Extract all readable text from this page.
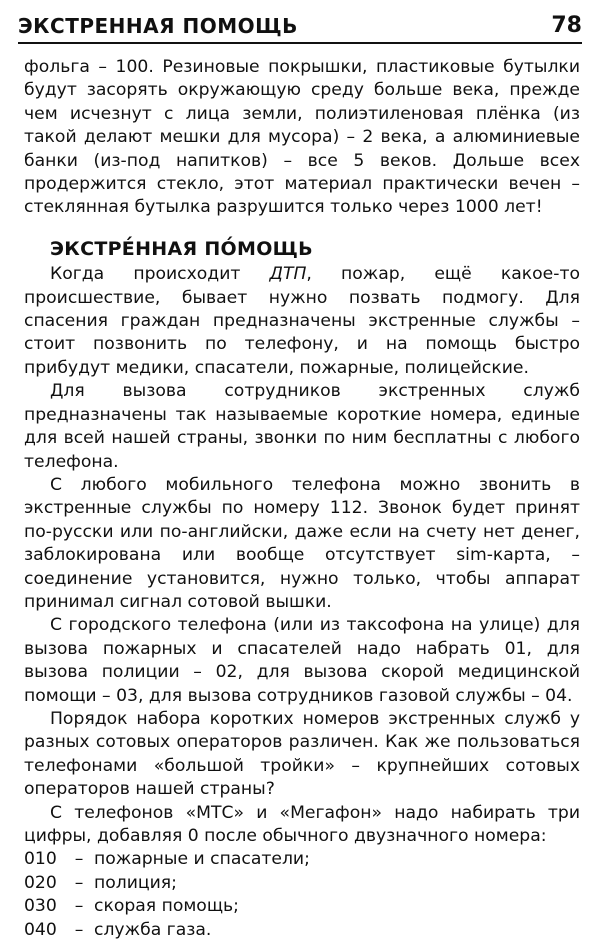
ЭКСТРЕННАЯ ПОМОЩЬ	78

фольга – 100. Резиновые покрышки, пластиковые бутылки будут засорять окружающую среду больше века, прежде чем исчезнут с лица земли, полиэтиленовая плёнка (из такой делают мешки для мусора) – 2 века, а алюминиевые банки (из-под напитков) – все 5 веков. Дольше всех продержится стекло, этот материал практически вечен – стеклянная бутылка разрушится только через 1000 лет!

ЭКСТРЕ́ННАЯ ПО́МОЩЬ

Когда происходит ДТП, пожар, ещё какое-то происшествие, бывает нужно позвать подмогу. Для спасения граждан предназначены экстренные службы – стоит позвонить по телефону, и на помощь быстро прибудут медики, спасатели, пожарные, полицейские.

Для вызова сотрудников экстренных служб предназначены так называемые короткие номера, единые для всей нашей страны, звонки по ним бесплатны с любого телефона.

С любого мобильного телефона можно звонить в экстренные службы по номеру 112. Звонок будет принят по-русски или по-английски, даже если на счету нет денег, заблокирована или вообще отсутствует sim-карта, – соединение установится, нужно только, чтобы аппарат принимал сигнал сотовой вышки.

С городского телефона (или из таксофона на улице) для вызова пожарных и спасателей надо набрать 01, для вызова полиции – 02, для вызова скорой медицинской помощи – 03, для вызова сотрудников газовой службы – 04.

Порядок набора коротких номеров экстренных служб у разных сотовых операторов различен. Как же пользоваться телефонами «большой тройки» – крупнейших сотовых операторов нашей страны?

С телефонов «МТС» и «Мегафон» надо набирать три цифры, добавляя 0 после обычного двузначного номера:

010	– пожарные и спасатели;
020	– полиция;
030	– скорая помощь;
040	– служба газа.
